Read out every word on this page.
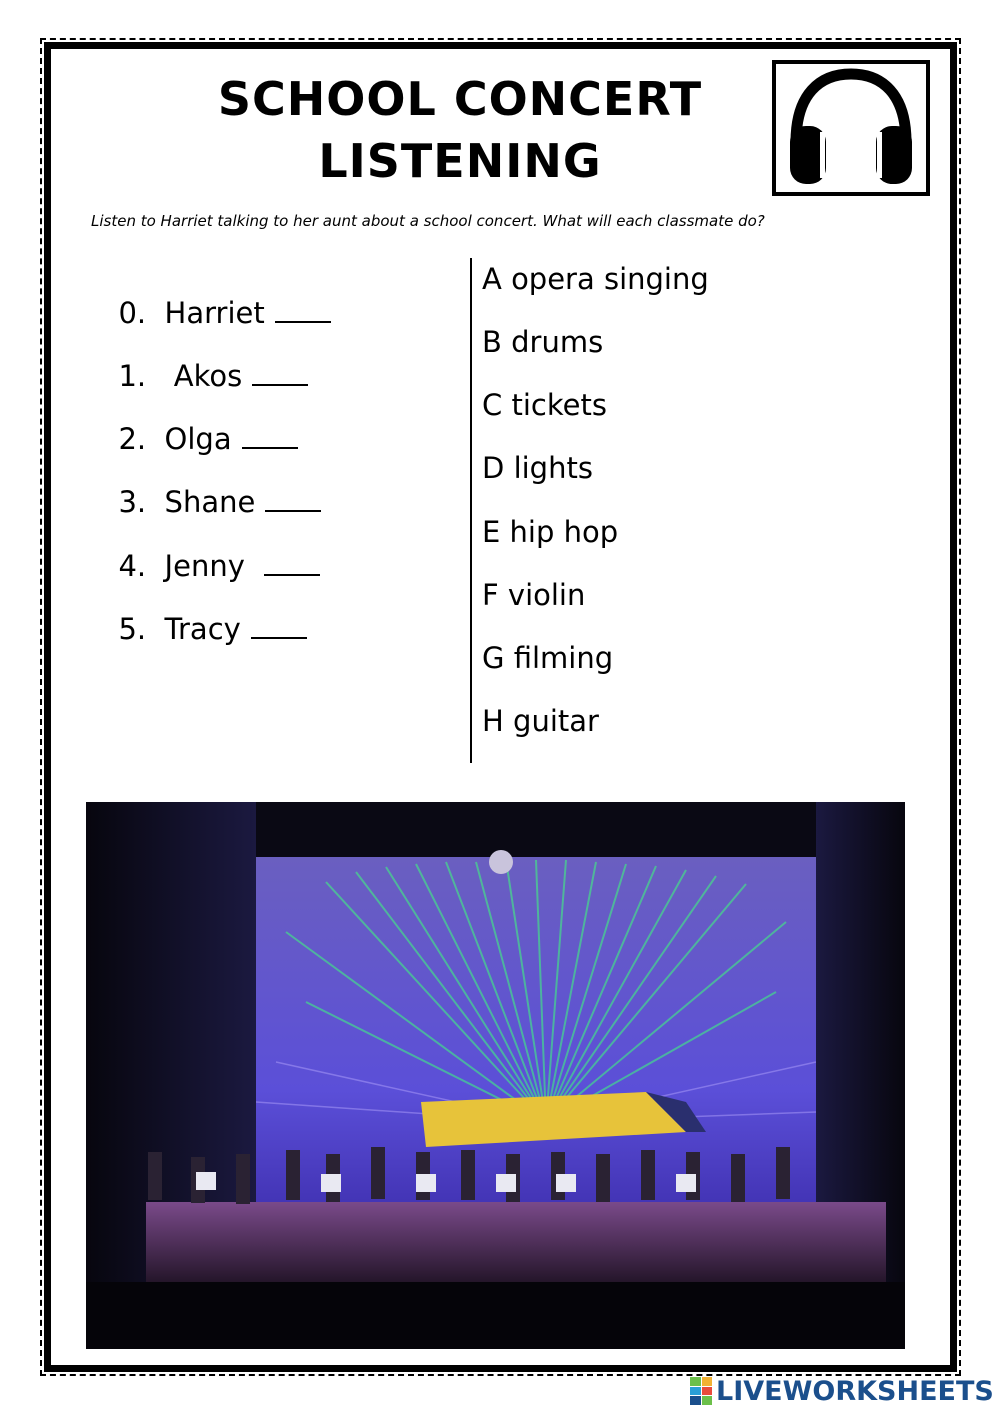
SCHOOL CONCERT
LISTENING
Listen to Harriet talking to her aunt about a school concert. What will each classmate do?

0. Harriet

1. Akos

2. Olga

3. Shane

4. Jenny

5. Tracy

A opera singing
B drums
C tickets
D lights
E hip hop
F violin
G filming
H guitar
LIVEWORKSHEETS
